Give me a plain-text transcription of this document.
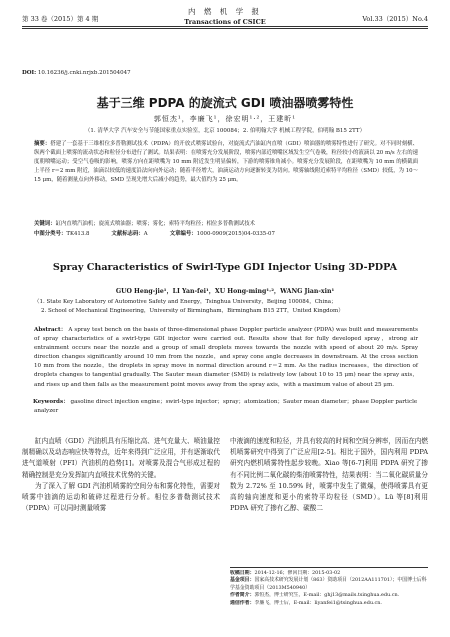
第 33 卷（2015）第 4 期
内 燃 机 学 报
Transactions of CSICE	Vol.33（2015）No.4
DOI: 10.16236/j.cnki.nrjxb.201504047
基于三维 PDPA 的旋流式 GDI 喷油器喷雾特性
郭恒杰¹，李廉飞¹，徐宏明¹·²，王建昕¹
（1. 清华大学 汽车安全与节能国家重点实验室，北京 100084；2. 伯明翰大学 机械工程学院，伯明翰 B15 2TT）
摘要：搭建了一套基于三维相位多普勒测试技术（PDPA）的开放式喷雾试验台，对旋流式汽油缸内直喷（GDI）喷油器的喷雾特性进行了研究。对不同时刻横、纵两个截面上喷雾的流动状态和粒径分布进行了测试。结果表明：在喷雾充分发展阶段，喷雾内部近喷嘴区域发生空气卷吸，粒径较小的液滴以 20 m/s 左右的速度朝喷嘴运动；受空气卷吸的影响，喷雾方向在距喷嘴为 10 mm 附近发生明显偏转，下游的喷雾锥角减小。喷雾充分发展阶段，在距喷嘴为 10 mm 的横截面上半径 r＝2 mm 附近，油滴以较低的速度沿法向向外运动；随着半径增大，油滴运动方向逐渐转变为切向。喷雾轴线附近索特平均粒径（SMD）较低，为 10～15 μm，随着测量点向外移动，SMD 呈现先增大后减小的趋势，最大值约为 25 μm。
关键词：缸内直喷汽油机；旋流式喷油器；喷雾；雾化；索特平均粒径；相位多普勒测试技术
中图分类号：TK413.8	文献标志码：A	文章编号：1000-0909(2015)04-0335-07
Spray Characteristics of Swirl-Type GDI Injector Using 3D-PDPA
GUO Heng-jie¹，LI Yan-fei¹，XU Hong-ming¹·²，WANG Jian-xin¹
（1. State Key Laboratory of Automotive Safety and Energy，Tsinghua University，Beijing 100084，China；
2. School of Mechanical Engineering，University of Birmingham，Birmingham B15 2TT，United Kingdom）
Abstract： A spray test bench on the basis of three-dimensional phase Doppler particle analyzer (PDPA) was built and measurements of spray characteristics of a swirl-type GDI injector were carried out. Results show that for fully developed spray，strong air entrainment occurs near the nozzle and a group of small droplets moves towards the nozzle with speed of about 20 m/s. Spray direction changes significantly around 10 mm from the nozzle，and spray cone angle decreases in downstream. At the cross section 10 mm from the nozzle，the droplets in spray move in normal direction around r＝2 mm. As the radius increases，the direction of droplets changes to tangential gradually. The Sauter mean diameter (SMD) is relatively low (about 10 to 15 μm) near the spray axis，and rises up and then falls as the measurement point moves away from the spray axis，with a maximum value of about 25 μm.
Keywords： gasoline direct injection engine；swirl-type injector；spray；atomization；Sauter mean diameter；phase Doppler particle analyzer

缸内直喷（GDI）汽油机具有压缩比高、进气充量大、喷油量控制精确以及动态响应快等特点，近年来得到广泛应用，并有逐渐取代进气道喷射（PFI）汽油机的趋势[1]。对喷雾及混合气形成过程的精确控制是充分发挥缸内直喷技术优势的关键。

为了深入了解 GDI 汽油机喷雾的空间分布和雾化特性，需要对喷雾中油滴的运动和破碎过程进行分析。相位多普勒测试技术（PDPA）可以同时测量喷雾

中液滴的速度和粒径，并具有较高的时间和空间分辨率，因而在内燃机喷雾研究中得到了广泛应用[2-5]。相比于国外，国内利用 PDPA 研究内燃机喷雾特性起步较晚。Xiao 等[6-7]利用 PDPA 研究了掺有不同比例二氧化碳的柴油喷雾特性，结果表明：当二氧化碳质量分数为 2.72% 至 10.59% 时，喷雾中发生了微爆，使得喷雾具有更高的轴向速度和更小的索特平均粒径（SMD）。Lü 等[8]利用 PDPA 研究了掺有乙醇、碳酸二

收稿日期：2014-12-16；修回日期：2015-03-02
基金项目：国家高技术研究发展计划（863）资助项目（2012AA111701）；中国博士后科学基金资助项目（2013M540940）
作者简介：郭恒杰，博士研究生，E-mail：ghj13@mails.tsinghua.edu.cn.
通信作者：李廉飞，博士后，E-mail：liyanfei1@tsinghua.edu.cn.
